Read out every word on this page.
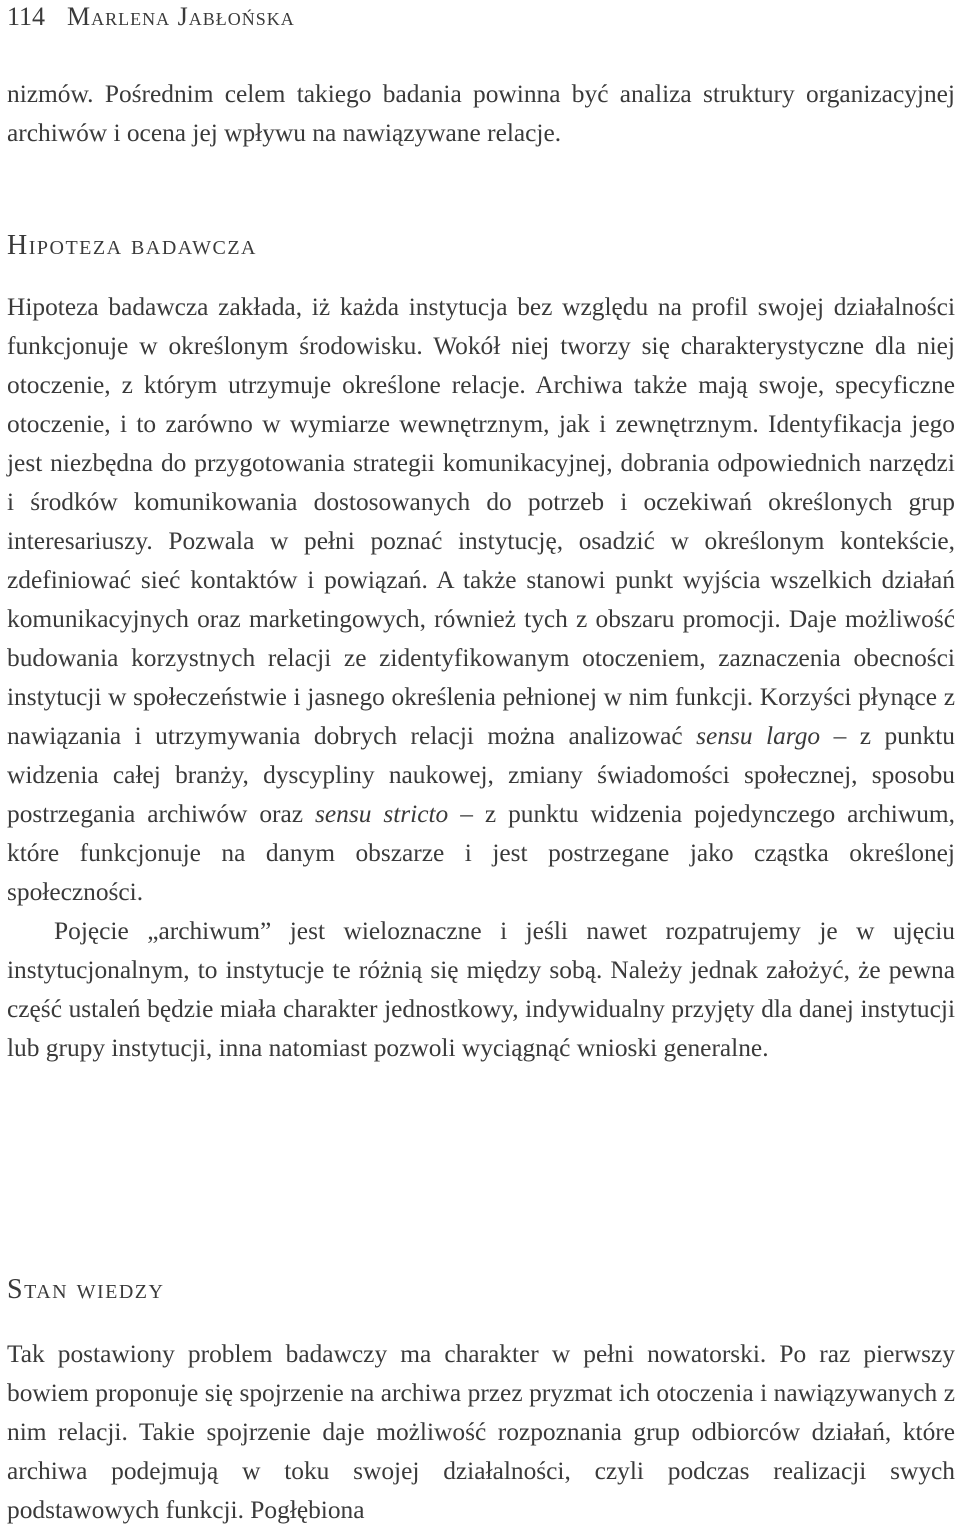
114 Marlena Jabłońska

nizmów. Pośrednim celem takiego badania powinna być analiza struktury organizacyjnej archiwów i ocena jej wpływu na nawiązywane relacje.

Hipoteza badawcza

Hipoteza badawcza zakłada, iż każda instytucja bez względu na profil swojej działalności funkcjonuje w określonym środowisku. Wokół niej tworzy się charakterystyczne dla niej otoczenie, z którym utrzymuje określone relacje. Archiwa także mają swoje, specyficzne otoczenie, i to zarówno w wymiarze wewnętrznym, jak i zewnętrznym. Identyfikacja jego jest niezbędna do przygotowania strategii komunikacyjnej, dobrania odpowiednich narzędzi i środków komunikowania dostosowanych do potrzeb i oczekiwań określonych grup interesariuszy. Pozwala w pełni poznać instytucję, osadzić w określonym kontekście, zdefiniować sieć kontaktów i powiązań. A także stanowi punkt wyjścia wszelkich działań komunikacyjnych oraz marketingowych, również tych z obszaru promocji. Daje możliwość budowania korzystnych relacji ze zidentyfikowanym otoczeniem, zaznaczenia obecności instytucji w społeczeństwie i jasnego określenia pełnionej w nim funkcji. Korzyści płynące z nawiązania i utrzymywania dobrych relacji można analizować sensu largo – z punktu widzenia całej branży, dyscypliny naukowej, zmiany świadomości społecznej, sposobu postrzegania archiwów oraz sensu stricto – z punktu widzenia pojedynczego archiwum, które funkcjonuje na danym obszarze i jest postrzegane jako cząstka określonej społeczności.

Pojęcie „archiwum” jest wieloznaczne i jeśli nawet rozpatrujemy je w ujęciu instytucjonalnym, to instytucje te różnią się między sobą. Należy jednak założyć, że pewna część ustaleń będzie miała charakter jednostkowy, indywidualny przyjęty dla danej instytucji lub grupy instytucji, inna natomiast pozwoli wyciągnąć wnioski generalne.

Stan wiedzy

Tak postawiony problem badawczy ma charakter w pełni nowatorski. Po raz pierwszy bowiem proponuje się spojrzenie na archiwa przez pryzmat ich otoczenia i nawiązywanych z nim relacji. Takie spojrzenie daje możliwość rozpoznania grup odbiorców działań, które archiwa podejmują w toku swojej działalności, czyli podczas realizacji swych podstawowych funkcji. Pogłębiona
